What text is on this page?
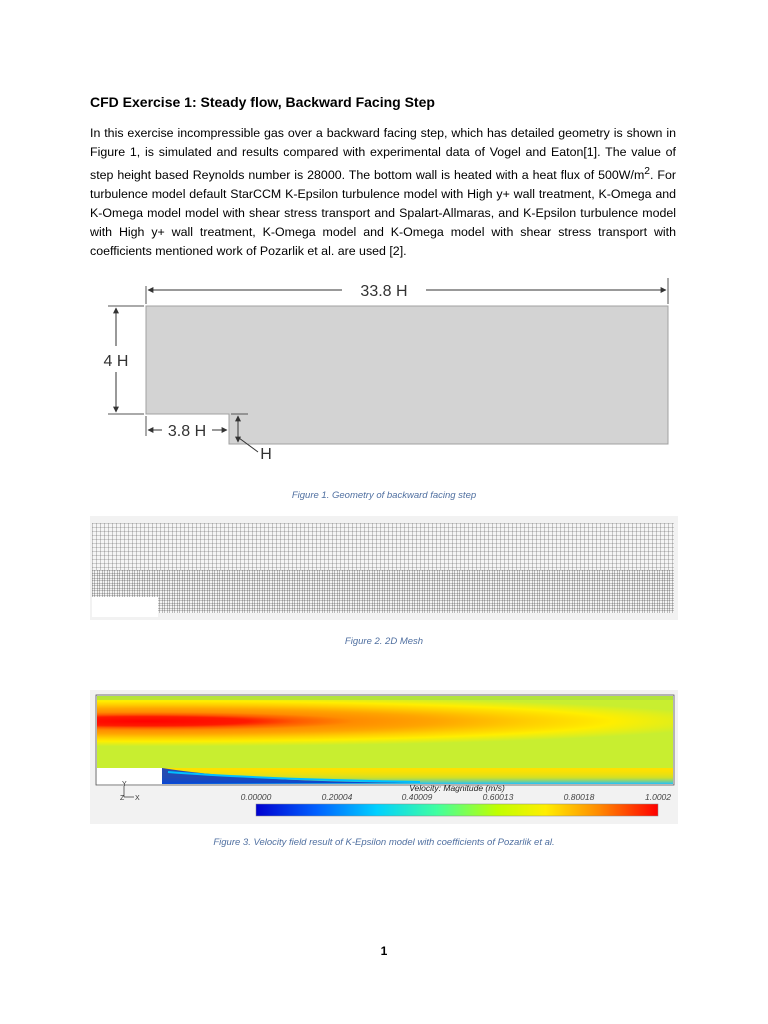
CFD Exercise 1: Steady flow, Backward Facing Step

In this exercise incompressible gas over a backward facing step, which has detailed geometry is shown in Figure 1, is simulated and results compared with experimental data of Vogel and Eaton[1]. The value of step height based Reynolds number is 28000. The bottom wall is heated with a heat flux of $500W/m^2$. For turbulence model default StarCCM K-Epsilon turbulence model with High y+ wall treatment, K-Omega and K-Omega model model with shear stress transport and Spalart-Allmaras, and K-Epsilon turbulence model with High y+ wall treatment, K-Omega model and K-Omega model with shear stress transport with coefficients mentioned work of Pozarlik et al. are used [2].

33.8 H
4 H
3.8 H
H

Figure 1. Geometry of backward facing step

Figure 2. 2D Mesh

Y
Z X
Velocity: Magnitude (m/s)
0.00000	0.20004	0.40009	0.60013	0.80018	1.0002

Figure 3. Velocity field result of K-Epsilon model with coefficients of Pozarlik et al.

1
